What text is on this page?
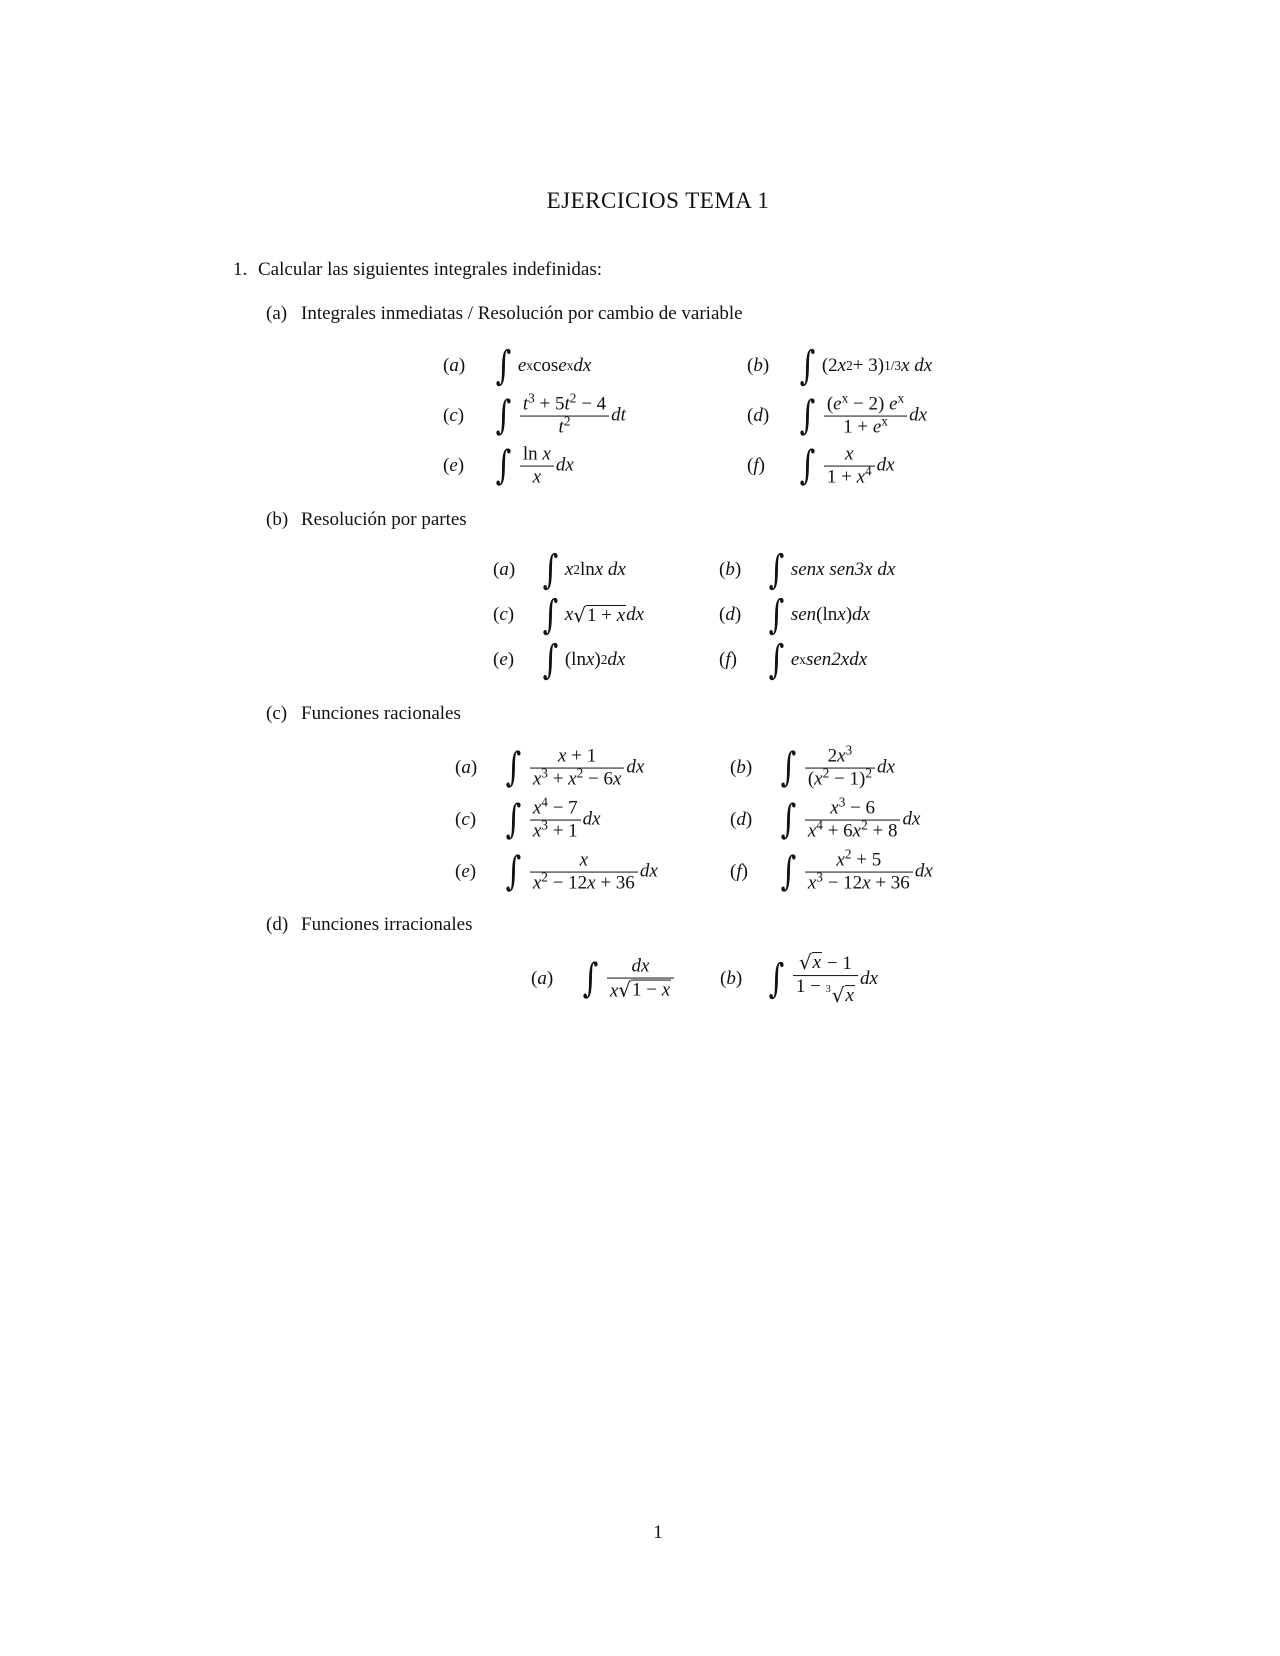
EJERCICIOS TEMA 1
1. Calcular las siguientes integrales indefinidas:
(a) Integrales inmediatas / Resolución por cambio de variable
( a ) ∫ e x cos e x dx	( b ) ∫ (2 x 2 + 3) 1/3 x dx
( c ) ∫ $\frac{t^3 + 5t^2 - 4}{t^2}$ dt	( d ) ∫ $\frac{(e^x - 2) e^x}{1 + e^x}$ dx
( e ) ∫ $\frac{\text{ln x}}{x}$ dx	( f ) ∫ $\frac{x}{1 + x^4}$ dx
(b) Resolución por partes
( a ) ∫ x 2 ln x dx	( b ) ∫ senx sen3x dx
( c ) ∫ x √ 1 + x dx	( d ) ∫ sen (ln x ) dx
( e ) ∫ (ln x ) 2 dx	( f ) ∫ e x sen2xdx
(c) Funciones racionales
( a ) ∫ $\frac{x + 1}{x^3 + x^2 - 6x}$ dx	( b ) ∫ $\frac{2x^3}{(x^2 - 1)^2}$ dx
( c ) ∫ $\frac{x^4 - 7}{x^3 + 1}$ dx	( d ) ∫ $\frac{x^3 - 6}{x^4 + 6x^2 + 8}$ dx
( e ) ∫ $\frac{x}{x^2 - 12x + 36}$ dx	( f ) ∫ $\frac{x^2 + 5}{x^3 - 12x + 36}$ dx
(d) Funciones irracionales
( a ) ∫ $\frac{dx}{x √ 1 - x}$ ( b ) ∫ $\frac{√ x - 1}{1 - 3 √ x}$ dx
1
